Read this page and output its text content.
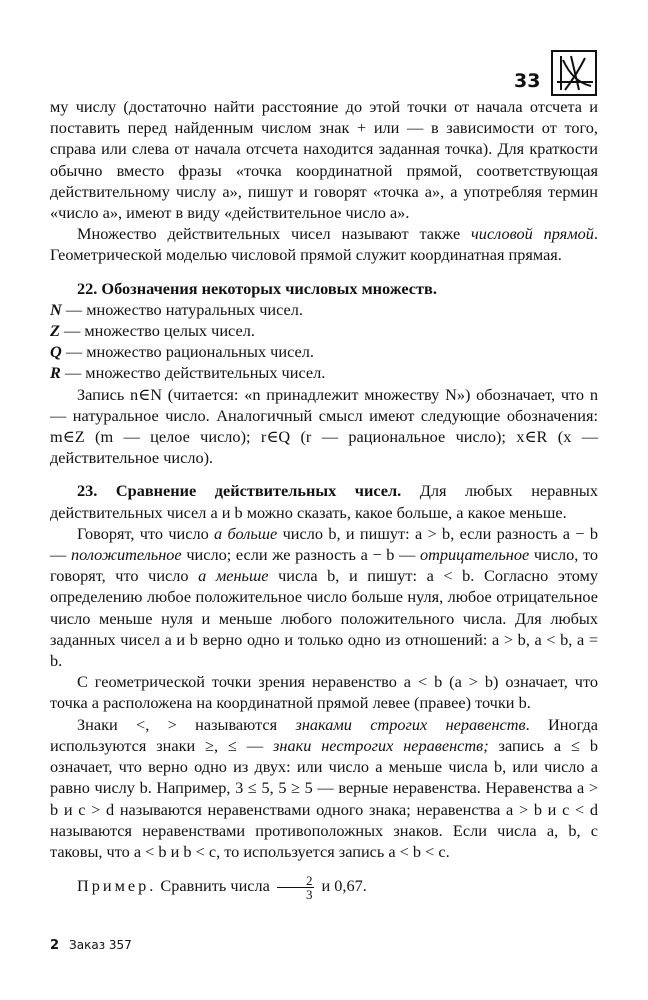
33

му числу (достаточно найти расстояние до этой точки от начала отсчета и поставить перед найденным числом знак + или — в зависимости от того, справа или слева от начала отсчета находится заданная точка). Для краткости обычно вместо фразы «точка координатной прямой, соответствующая действительному числу a», пишут и говорят «точка a», а употребляя термин «число a», имеют в виду «действительное число a».

Множество действительных чисел называют также числовой прямой. Геометрической моделью числовой прямой служит координатная прямая.

22. Обозначения некоторых числовых множеств.

N — множество натуральных чисел.

Z — множество целых чисел.

Q — множество рациональных чисел.

R — множество действительных чисел.

Запись n∈N (читается: «n принадлежит множеству N») обозначает, что n — натуральное число. Аналогичный смысл имеют следующие обозначения: m∈Z (m — целое число); r∈Q (r — рациональное число); x∈R (x — действительное число).

23. Сравнение действительных чисел. Для любых неравных действительных чисел a и b можно сказать, какое больше, а какое меньше.

Говорят, что число a больше число b, и пишут: a > b, если разность a − b — положительное число; если же разность a − b — отрицательное число, то говорят, что число a меньше числа b, и пишут: a < b. Согласно этому определению любое положительное число больше нуля, любое отрицательное число меньше нуля и меньше любого положительного числа. Для любых заданных чисел a и b верно одно и только одно из отношений: a > b, a < b, a = b.

С геометрической точки зрения неравенство a < b (a > b) означает, что точка a расположена на координатной прямой левее (правее) точки b.

Знаки <, > называются знаками строгих неравенств. Иногда используются знаки ≥, ≤ — знаки нестрогих неравенств; запись a ≤ b означает, что верно одно из двух: или число a меньше числа b, или число a равно числу b. Например, 3 ≤ 5, 5 ≥ 5 — верные неравенства. Неравенства a > b и c > d называются неравенствами одного знака; неравенства a > b и c < d называются неравенствами противоположных знаков. Если числа a, b, c таковы, что a < b и b < c, то используется запись a < b < c.

Пример. Сравнить числа $\frac{2}{3}$ и 0,67.

2 Заказ 357
